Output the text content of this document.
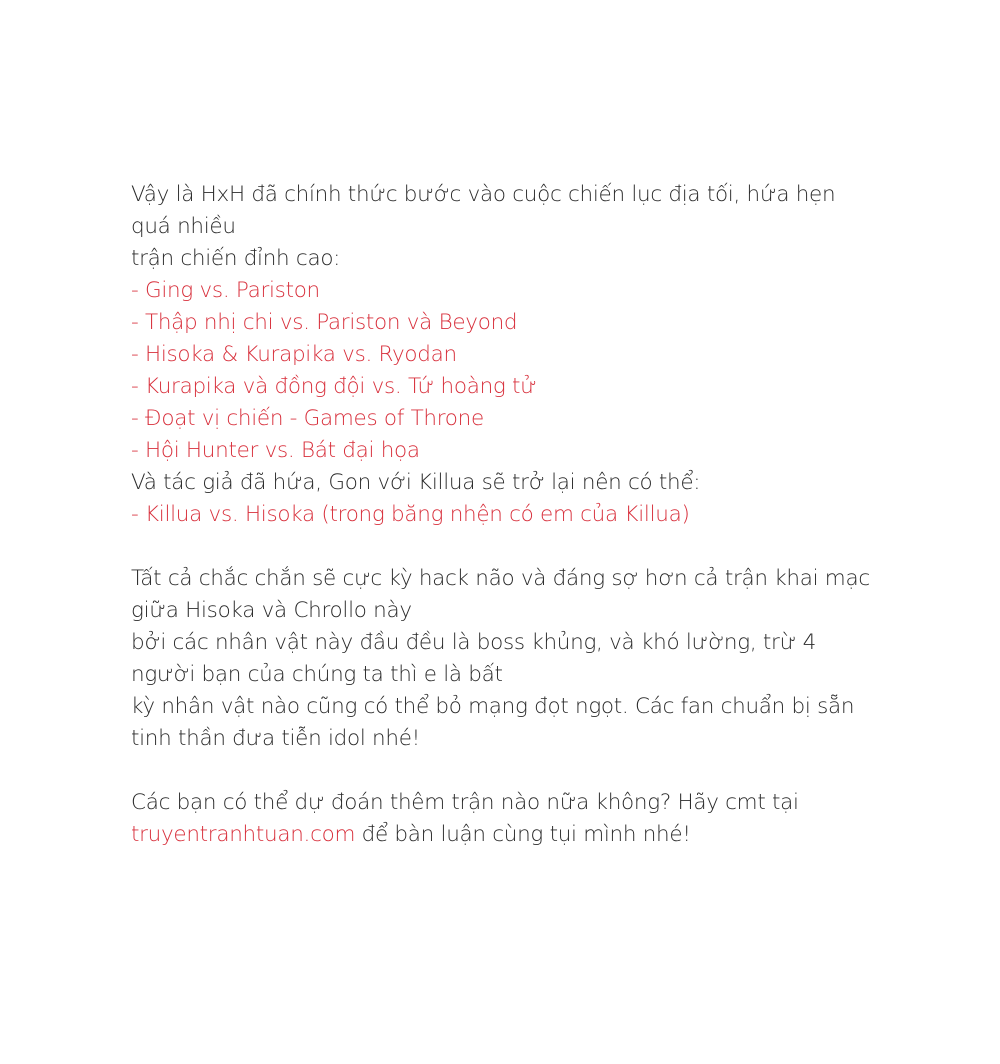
Vậy là HxH đã chính thức bước vào cuộc chiến lục địa tối, hứa hẹn quá nhiều
trận chiến đỉnh cao:
- Ging vs. Pariston
- Thập nhị chi vs. Pariston và Beyond
- Hisoka & Kurapika vs. Ryodan
- Kurapika và đồng đội vs. Tứ hoàng tử
- Đoạt vị chiến - Games of Throne
- Hội Hunter vs. Bát đại họa
Và tác giả đã hứa, Gon với Killua sẽ trở lại nên có thể:
- Killua vs. Hisoka (trong băng nhện có em của Killua)
Tất cả chắc chắn sẽ cực kỳ hack não và đáng sợ hơn cả trận khai mạc giữa Hisoka và Chrollo này
bởi các nhân vật này đầu đều là boss khủng, và khó lường, trừ 4 người bạn của chúng ta thì e là bất
kỳ nhân vật nào cũng có thể bỏ mạng đọt ngọt. Các fan chuẩn bị sẵn tinh thần đưa tiễn idol nhé!
Các bạn có thể dự đoán thêm trận nào nữa không? Hãy cmt tại
truyentranhtuan.com để bàn luận cùng tụi mình nhé!
